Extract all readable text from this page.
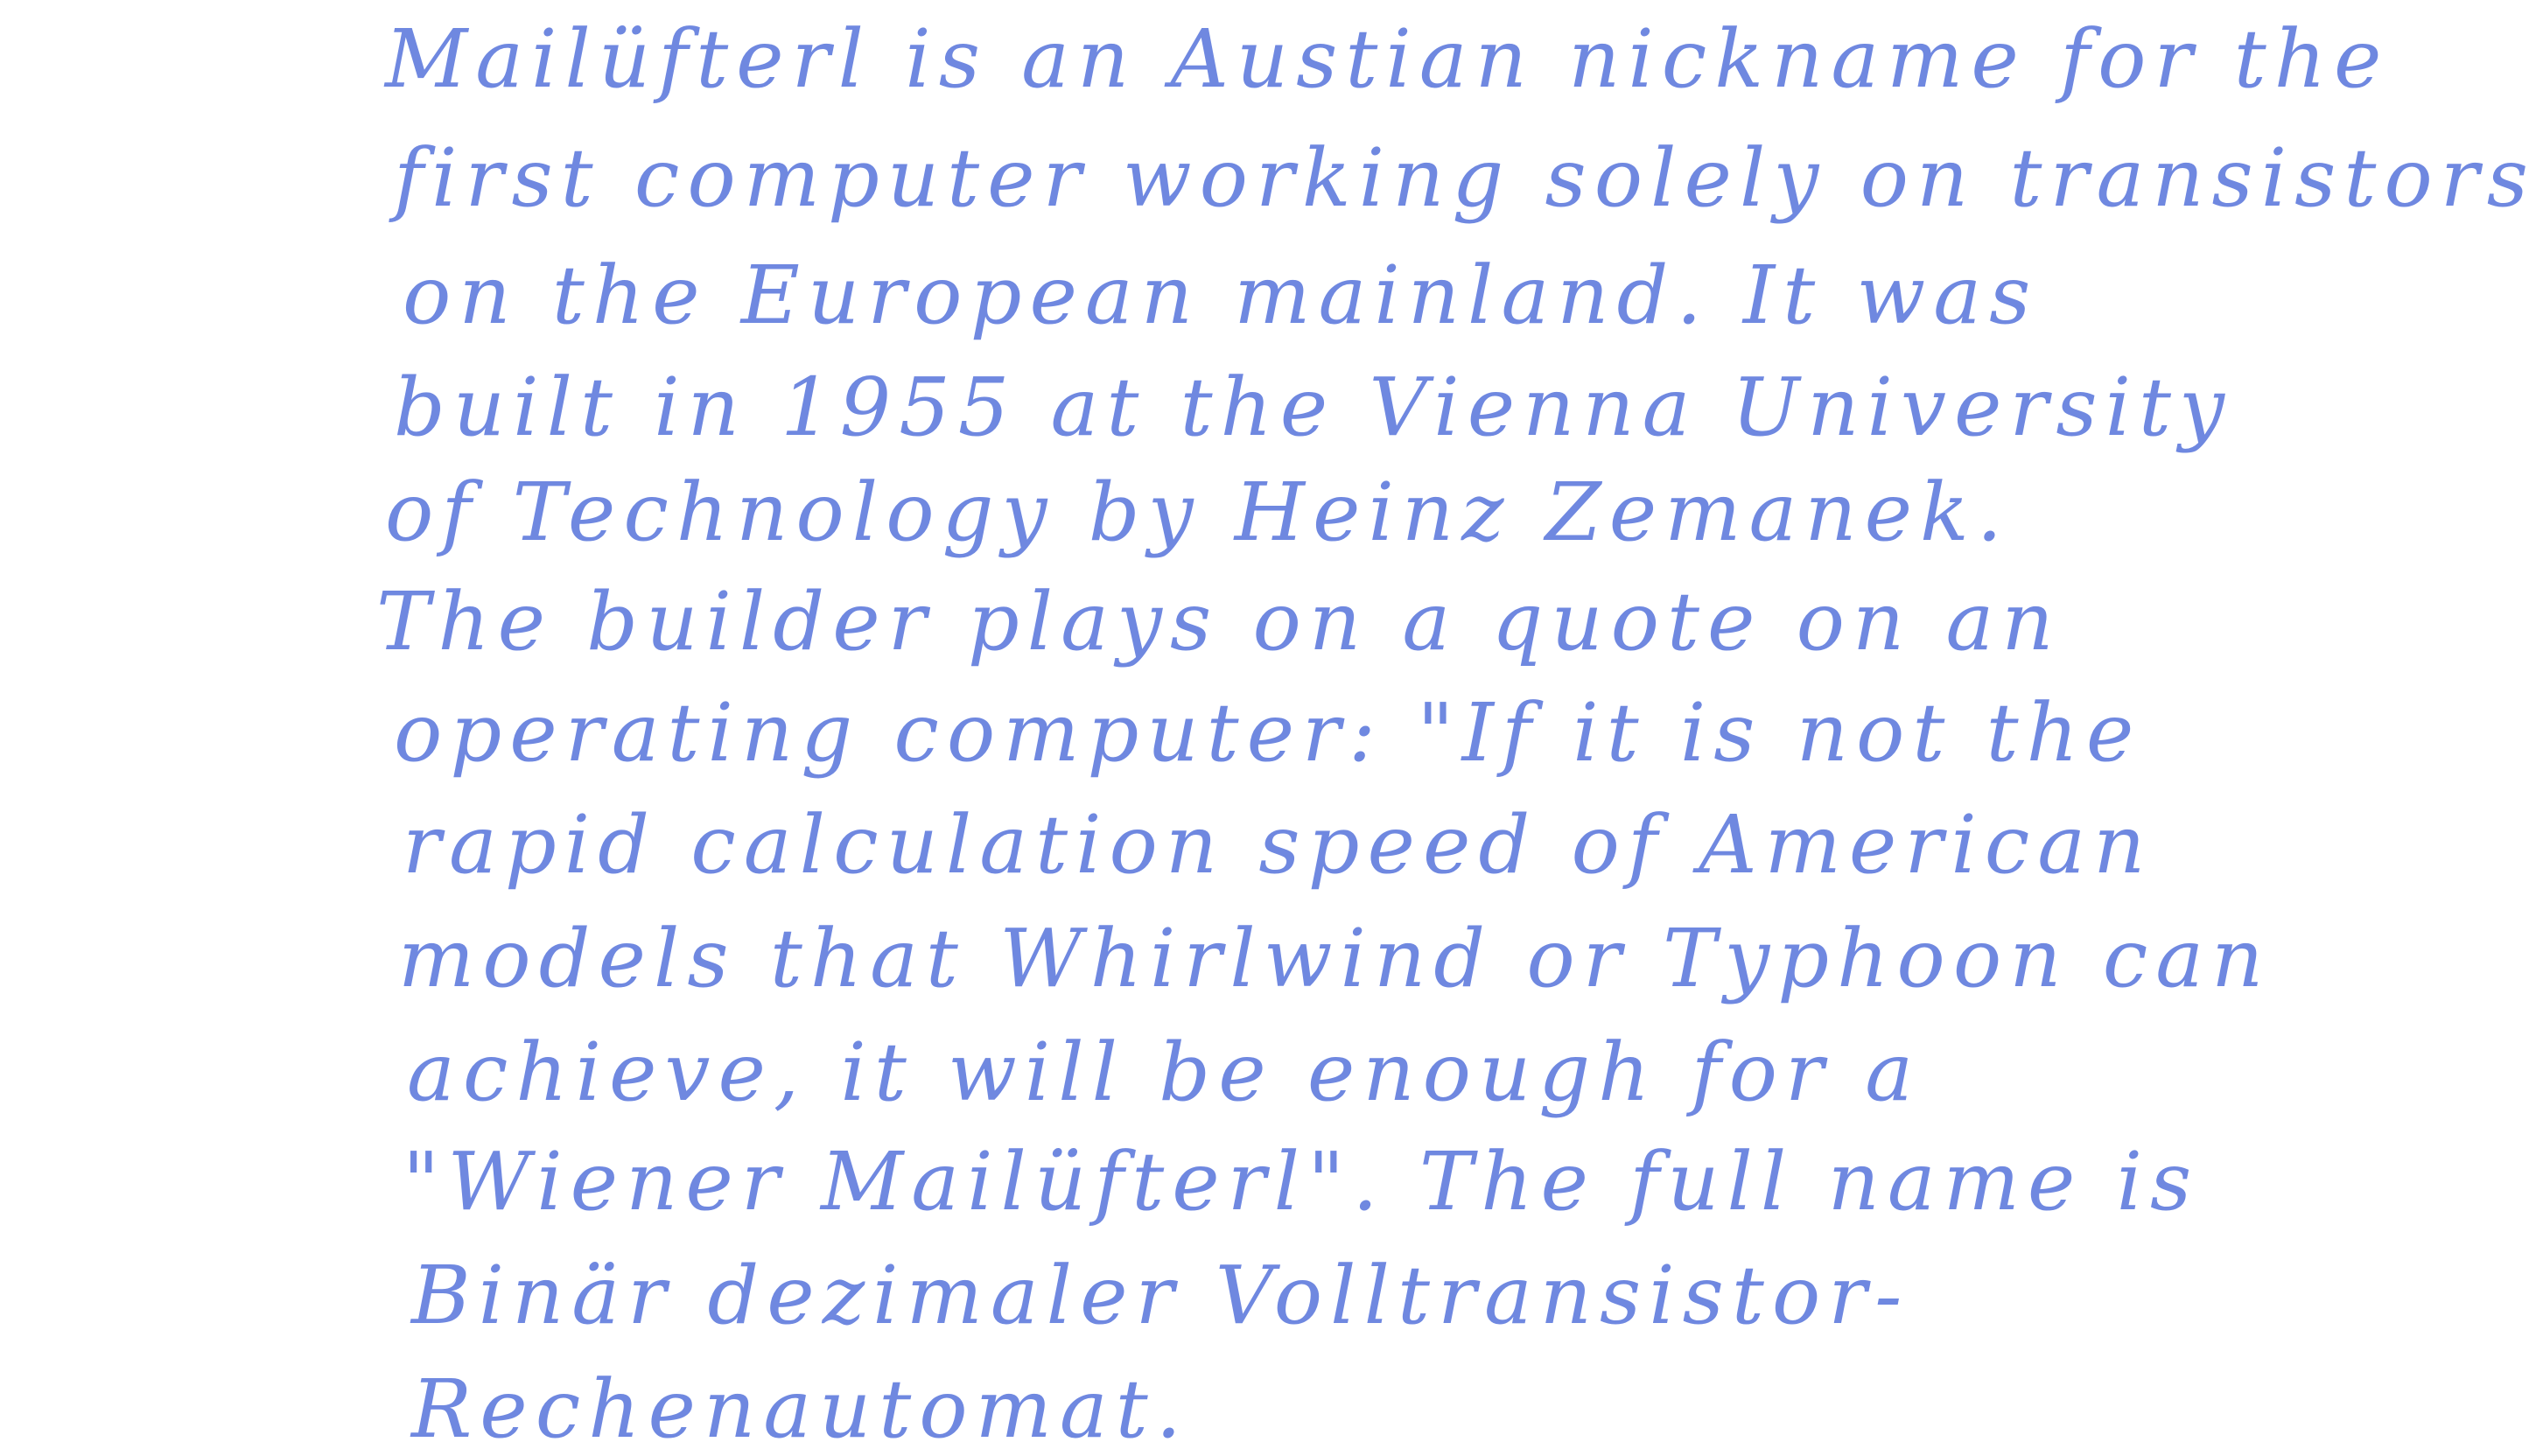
Mailüfterl is an Austian nickname for the
first computer working solely on transistors
on the European mainland. It was
built in 1955 at the Vienna University
of Technology by Heinz Zemanek.
The builder plays on a quote on an
operating computer: "If it is not the
rapid calculation speed of American
models that Whirlwind or Typhoon can
achieve, it will be enough for a
"Wiener Mailüfterl". The full name is
Binär dezimaler Volltransistor-
Rechenautomat.
